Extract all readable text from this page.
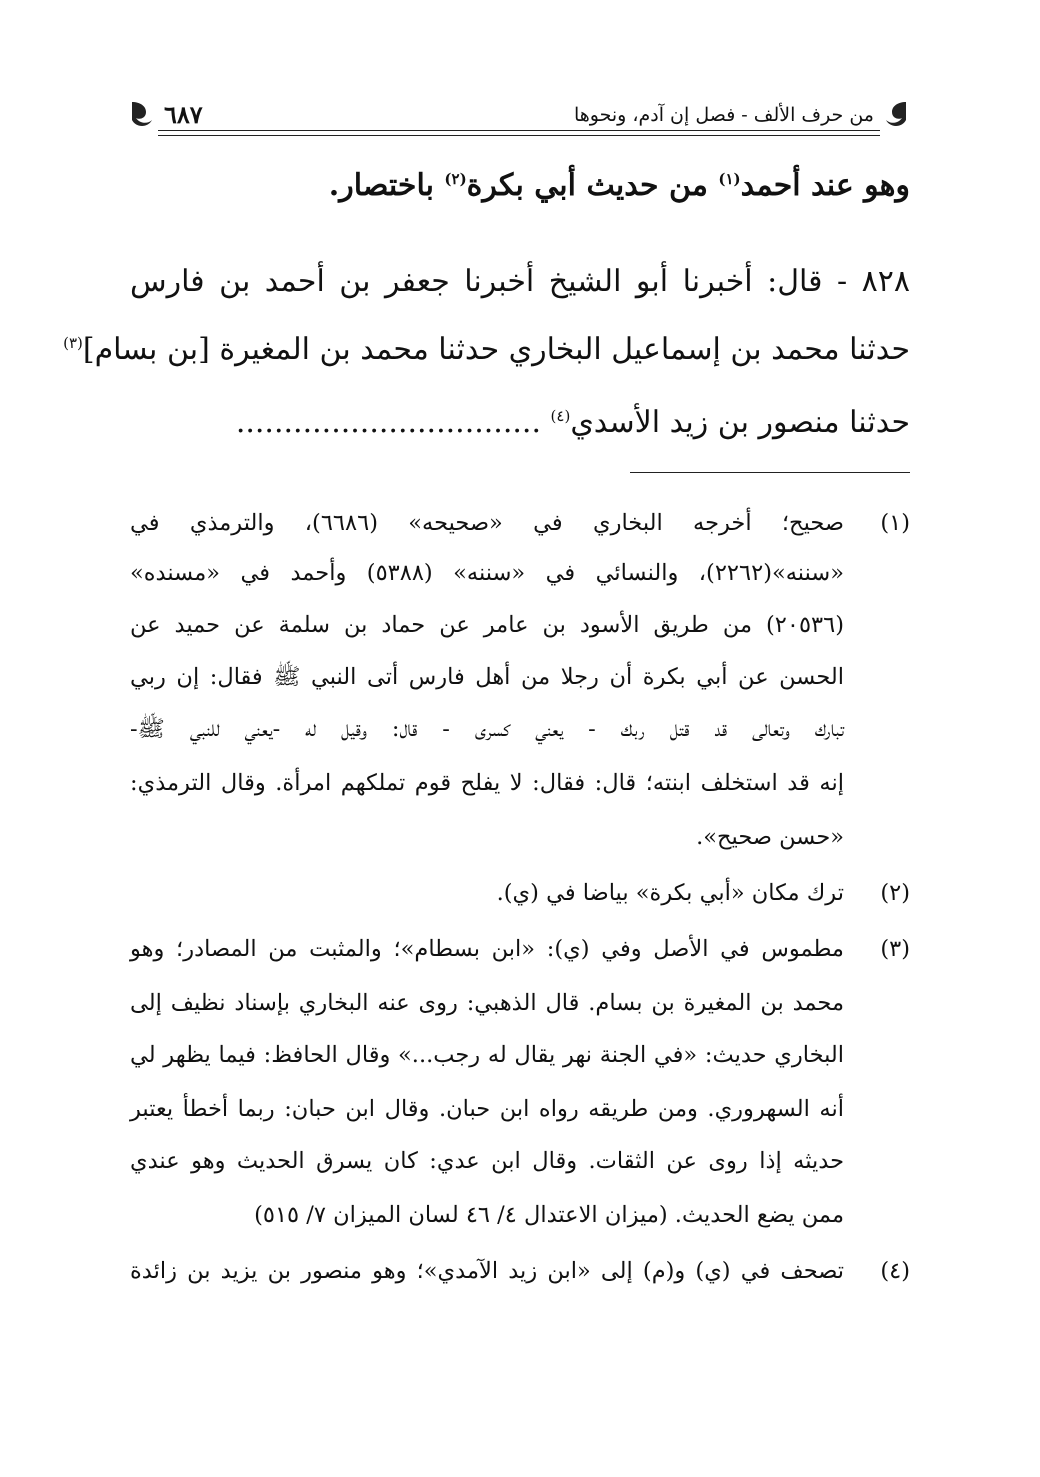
من حرف الألف - فصل إن آدم، ونحوها
٦٨٧
وهو عند أحمد$^{(١)}$ من حديث أبي بكرة$^{(٢)}$ باختصار.
٨٢٨ - قال: أخبرنا أبو الشيخ أخبرنا جعفر بن أحمد بن فارس
حدثنا محمد بن إسماعيل البخاري حدثنا محمد بن المغيرة [بن بسام]$^{(٣)}$
حدثنا منصور بن زيد الأسدي$^{(٤)}$ ................................
(١)
صحيح؛ أخرجه البخاري في «صحيحه» (٦٦٨٦)، والترمذي في
«سننه»(٢٢٦٢)، والنسائي في «سننه» (٥٣٨٨) وأحمد في «مسنده»
(٢٠٥٣٦) من طريق الأسود بن عامر عن حماد بن سلمة عن حميد عن
الحسن عن أبي بكرة أن رجلا من أهل فارس أتى النبي ﷺ فقال: إن ربي
تبارك وتعالى قد قتل ربك - يعني كسرى - قال: وقيل له -يعني للنبي ﷺ-
إنه قد استخلف ابنته؛ قال: فقال: لا يفلح قوم تملكهم امرأة. وقال الترمذي:
«حسن صحيح».
(٢)
ترك مكان «أبي بكرة» بياضا في (ي).
(٣)
مطموس في الأصل وفي (ي): «ابن بسطام»؛ والمثبت من المصادر؛ وهو
محمد بن المغيرة بن بسام. قال الذهبي: روى عنه البخاري بإسناد نظيف إلى
البخاري حديث: «في الجنة نهر يقال له رجب...» وقال الحافظ: فيما يظهر لي
أنه السهروري. ومن طريقه رواه ابن حبان. وقال ابن حبان: ربما أخطأ يعتبر
حديثه إذا روى عن الثقات. وقال ابن عدي: كان يسرق الحديث وهو عندي
ممن يضع الحديث. (ميزان الاعتدال ٤/ ٤٦ لسان الميزان ٧/ ٥١٥)
(٤)
تصحف في (ي) و(م) إلى «ابن زيد الآمدي»؛ وهو منصور بن يزيد بن زائدة
